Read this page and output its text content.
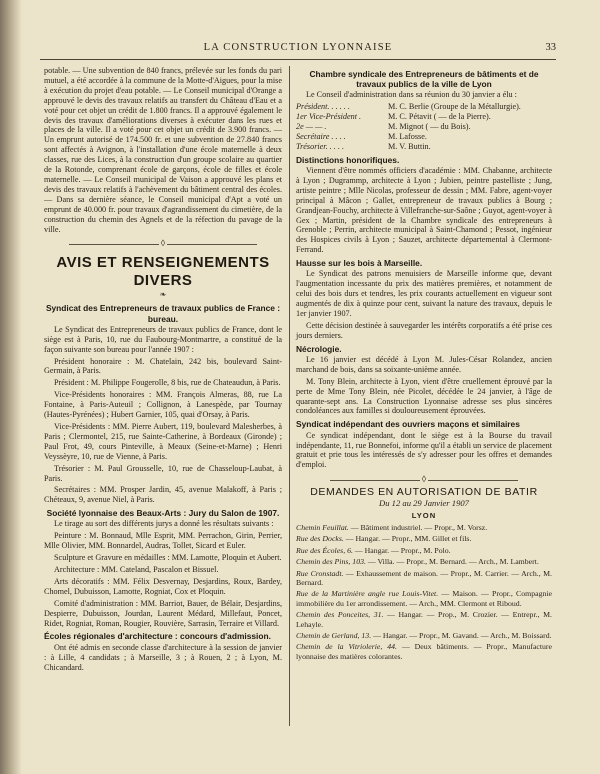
LA CONSTRUCTION LYONNAISE	33

potable. — Une subvention de 840 francs, prélevée sur les fonds du pari mutuel, a été accordée à la commune de la Motte-d'Aigues, pour la mise à exécution du projet d'eau potable. — Le Conseil municipal d'Orange a approuvé le devis des travaux relatifs au transfert du Château d'Eau et a voté pour cet objet un crédit de 1.800 francs. Il a approuvé également le devis des travaux d'améliorations diverses à exécuter dans les rues et places de la ville. Il a voté pour cet objet un crédit de 3.900 francs. — Un emprunt autorisé de 174.500 fr. et une subvention de 27.840 francs sont affectés à Avignon, à l'installation d'une école maternelle à deux classes, rue des Lices, à la construction d'un groupe scolaire au quartier de la Rotonde, comprenant école de garçons, école de filles et école maternelle. — Le Conseil municipal de Vaison a approuvé les plans et devis des travaux relatifs à l'achèvement du bâtiment central des écoles. — Dans sa dernière séance, le Conseil municipal d'Apt a voté un emprunt de 40.000 fr. pour travaux d'agrandissement du cimetière, de la construction du chemin des Agnels et de la réfection du pavage de la ville.

◊
AVIS ET RENSEIGNEMENTS DIVERS
❧
Syndicat des Entrepreneurs de travaux publics de France : bureau.

Le Syndicat des Entrepreneurs de travaux publics de France, dont le siège est à Paris, 10, rue du Faubourg-Montmartre, a constitué de la façon suivante son bureau pour l'année 1907 :

Président honoraire : M. Chatelain, 242 bis, boulevard Saint-Germain, à Paris.

Président : M. Philippe Fougerolle, 8 bis, rue de Chateaudun, à Paris.

Vice-Présidents honoraires : MM. François Almeras, 88, rue La Fontaine, à Paris-Auteuil ; Collignon, à Lanespède, par Tournay (Hautes-Pyrénées) ; Hubert Garnier, 105, quai d'Orsay, à Paris.

Vice-Présidents : MM. Pierre Aubert, 119, boulevard Malesherbes, à Paris ; Clermontel, 215, rue Sainte-Catherine, à Bordeaux (Gironde) ; Paul Frot, 49, cours Pinteville, à Meaux (Seine-et-Marne) ; Henri Veyssèyre, 10, rue de Vienne, à Paris.

Trésorier : M. Paul Grousselle, 10, rue de Chasseloup-Laubat, à Paris.

Secrétaires : MM. Prosper Jardin, 45, avenue Malakoff, à Paris ; Chéteaux, 9, avenue Niel, à Paris.

Société lyonnaise des Beaux-Arts : Jury du Salon de 1907.

Le tirage au sort des différents jurys a donné les résultats suivants :

Peinture : M. Bonnaud, Mlle Esprit, MM. Perrachon, Girin, Perrier, Mlle Olivier, MM. Bonnardel, Audras, Tollet, Sicard et Euler.

Sculpture et Gravure en médailles : MM. Lamotte, Ploquin et Aubert.

Architecture : MM. Cateland, Pascalon et Bissuel.

Arts décoratifs : MM. Félix Desvernay, Desjardins, Roux, Bardey, Chomel, Dubuisson, Lamotte, Rogniat, Cox et Ploquin.

Comité d'administration : MM. Barriot, Bauer, de Bélair, Desjardins, Despierre, Dubuisson, Jourdan, Laurent Médard, Millefaut, Poncet, Ridet, Rogniat, Roman, Rougier, Rouvière, Sarrasin, Terraire et Villard.

Écoles régionales d'architecture : concours d'admission.

Ont été admis en seconde classe d'architecture à la session de janvier : à Lille, 4 candidats ; à Marseille, 3 ; à Rouen, 2 ; à Lyon, M. Chicandard.

Chambre syndicale des Entrepreneurs de bâtiments et de travaux publics de la ville de Lyon

Le Conseil d'administration dans sa réunion du 30 janvier a élu :

Président. . . . . .	M. C. Berlie (Groupe de la Métallurgie).
1er Vice-Président .	M. C. Pétavit ( — de la Pierre).
2e — — .	M. Mignot ( — du Bois).
Secrétaire . . . .	M. Lafosse.
Trésorier. . . . .	M. V. Buttin.
Distinctions honorifiques.

Viennent d'être nommés officiers d'académie : MM. Chabanne, architecte à Lyon ; Dugrammp, architecte à Lyon ; Jubien, peintre pastelliste ; Jung, artiste peintre ; Mlle Nicolas, professeur de dessin ; MM. Fabre, agent-voyer principal à Mâcon ; Gallet, entrepreneur de travaux publics à Bourg ; Grandjean-Fouchy, architecte à Villefranche-sur-Saône ; Guyot, agent-voyer à Gex ; Martin, président de la Chambre syndicale des entrepreneurs à Grenoble ; Perrin, architecte municipal à Saint-Chamond ; Pessot, ingénieur des Hospices civils à Lyon ; Sauzet, architecte départemental à Clermont-Ferrand.

Hausse sur les bois à Marseille.

Le Syndicat des patrons menuisiers de Marseille informe que, devant l'augmentation incessante du prix des matières premières, et notamment de celui des bois durs et tendres, les prix courants actuellement en vigueur sont augmentés de dix à quinze pour cent, suivant la nature des travaux, depuis le 1er janvier 1907.

Cette décision destinée à sauvegarder les intérêts corporatifs a été prise ces jours derniers.

Nécrologie.

Le 16 janvier est décédé à Lyon M. Jules-César Rolandez, ancien marchand de bois, dans sa soixante-unième année.

M. Tony Blein, architecte à Lyon, vient d'être cruellement éprouvé par la perte de Mme Tony Blein, née Picolet, décédée le 24 janvier, à l'âge de quarante-sept ans. La Construction Lyonnaise adresse ses plus sincères condoléances aux familles si douloureusement éprouvées.

Syndicat indépendant des ouvriers maçons et similaires

Ce syndicat indépendant, dont le siège est à la Bourse du travail indépendante, 11, rue Bonnefoi, informe qu'il a établi un service de placement gratuit et prie tous les intéressés de s'y adresser pour les offres et demandes d'emploi.

◊
DEMANDES EN AUTORISATION DE BATIR
Du 12 au 29 Janvier 1907
LYON

Chemin Feuillat. — Bâtiment industriel. — Propr., M. Vorsz.

Rue des Docks. — Hangar. — Propr., MM. Gillet et fils.

Rue des Écoles, 6. — Hangar. — Propr., M. Polo.

Chemin des Pins, 103. — Villa. — Propr., M. Bernard. — Arch., M. Lambert.

Rue Cronstadt. — Exhaussement de maison. — Propr., M. Carrier. — Arch., M. Bernard.

Rue de la Martinière angle rue Louis-Vitet. — Maison. — Propr., Compagnie immobilière du 1er arrondissement. — Arch., MM. Clermont et Riboud.

Chemin des Ponceites, 31. — Hangar. — Prop., M. Crozier. — Entrepr., M. Lehayle.

Chemin de Gerland, 13. — Hangar. — Propr., M. Gavand. — Arch., M. Boissard.

Chemin de la Vitriolerie, 44. — Deux bâtiments. — Propr., Manufacture lyonnaise des matières colorantes.
